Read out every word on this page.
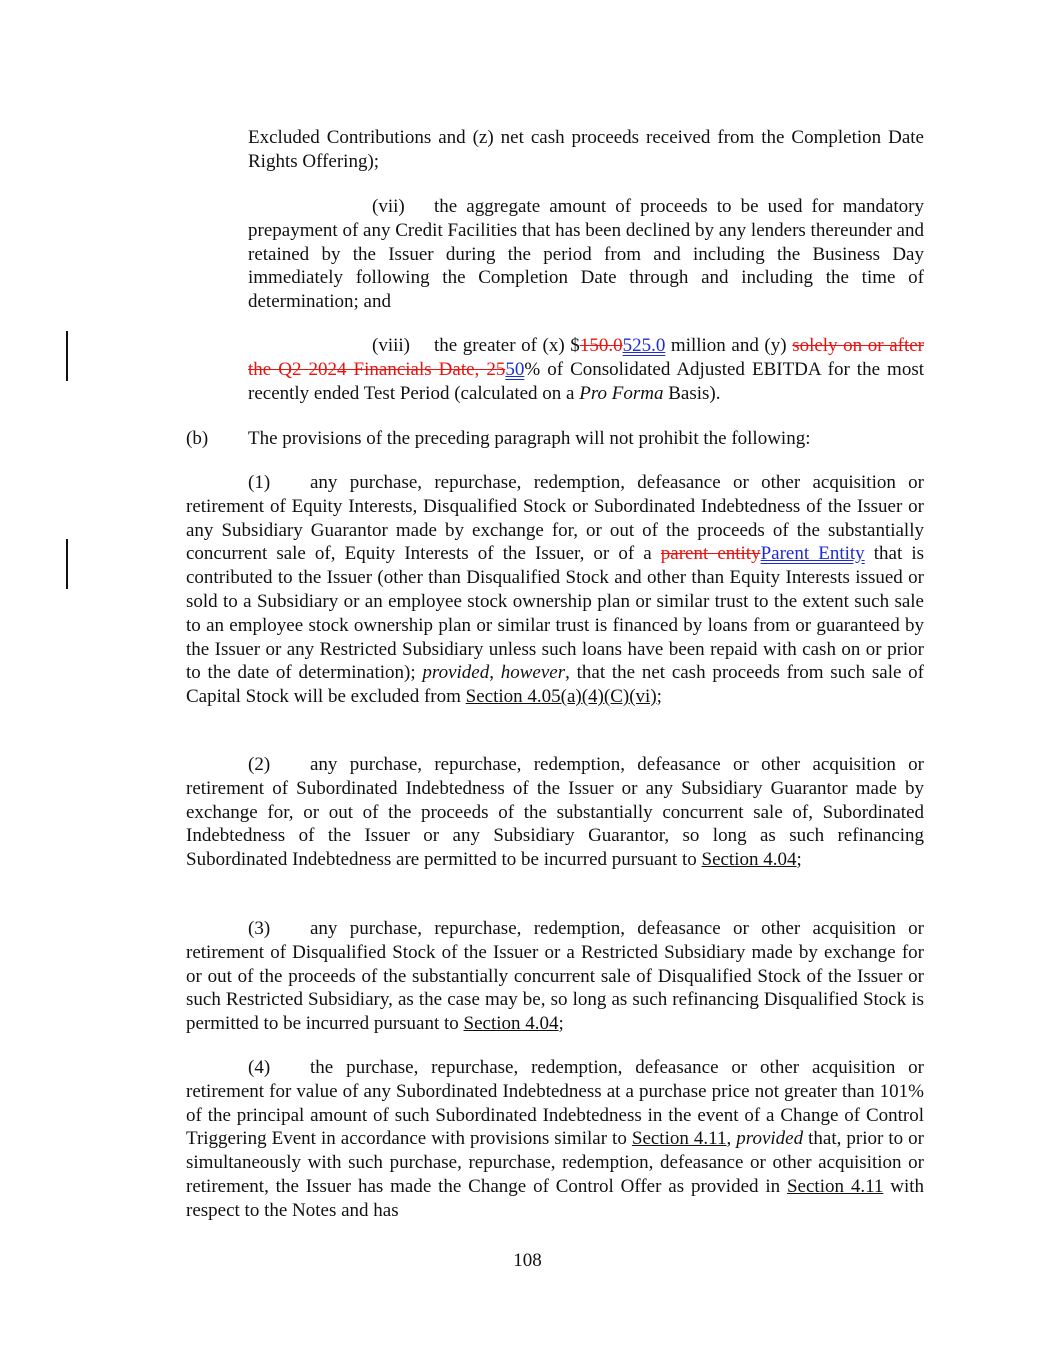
Excluded Contributions and (z) net cash proceeds received from the Completion Date Rights Offering);

(vii) the aggregate amount of proceeds to be used for mandatory prepayment of any Credit Facilities that has been declined by any lenders thereunder and retained by the Issuer during the period from and including the Business Day immediately following the Completion Date through and including the time of determination; and

(viii) the greater of (x) $150.0525.0 million and (y) solely on or after the Q2 2024 Financials Date, 2550% of Consolidated Adjusted EBITDA for the most recently ended Test Period (calculated on a Pro Forma Basis).

(b) The provisions of the preceding paragraph will not prohibit the following:

(1) any purchase, repurchase, redemption, defeasance or other acquisition or retirement of Equity Interests, Disqualified Stock or Subordinated Indebtedness of the Issuer or any Subsidiary Guarantor made by exchange for, or out of the proceeds of the substantially concurrent sale of, Equity Interests of the Issuer, or of a parent entityParent Entity that is contributed to the Issuer (other than Disqualified Stock and other than Equity Interests issued or sold to a Subsidiary or an employee stock ownership plan or similar trust to the extent such sale to an employee stock ownership plan or similar trust is financed by loans from or guaranteed by the Issuer or any Restricted Subsidiary unless such loans have been repaid with cash on or prior to the date of determination); provided, however, that the net cash proceeds from such sale of Capital Stock will be excluded from Section 4.05(a)(4)(C)(vi);

(2) any purchase, repurchase, redemption, defeasance or other acquisition or retirement of Subordinated Indebtedness of the Issuer or any Subsidiary Guarantor made by exchange for, or out of the proceeds of the substantially concurrent sale of, Subordinated Indebtedness of the Issuer or any Subsidiary Guarantor, so long as such refinancing Subordinated Indebtedness are permitted to be incurred pursuant to Section 4.04;

(3) any purchase, repurchase, redemption, defeasance or other acquisition or retirement of Disqualified Stock of the Issuer or a Restricted Subsidiary made by exchange for or out of the proceeds of the substantially concurrent sale of Disqualified Stock of the Issuer or such Restricted Subsidiary, as the case may be, so long as such refinancing Disqualified Stock is permitted to be incurred pursuant to Section 4.04;

(4) the purchase, repurchase, redemption, defeasance or other acquisition or retirement for value of any Subordinated Indebtedness at a purchase price not greater than 101% of the principal amount of such Subordinated Indebtedness in the event of a Change of Control Triggering Event in accordance with provisions similar to Section 4.11, provided that, prior to or simultaneously with such purchase, repurchase, redemption, defeasance or other acquisition or retirement, the Issuer has made the Change of Control Offer as provided in Section 4.11 with respect to the Notes and has

108
